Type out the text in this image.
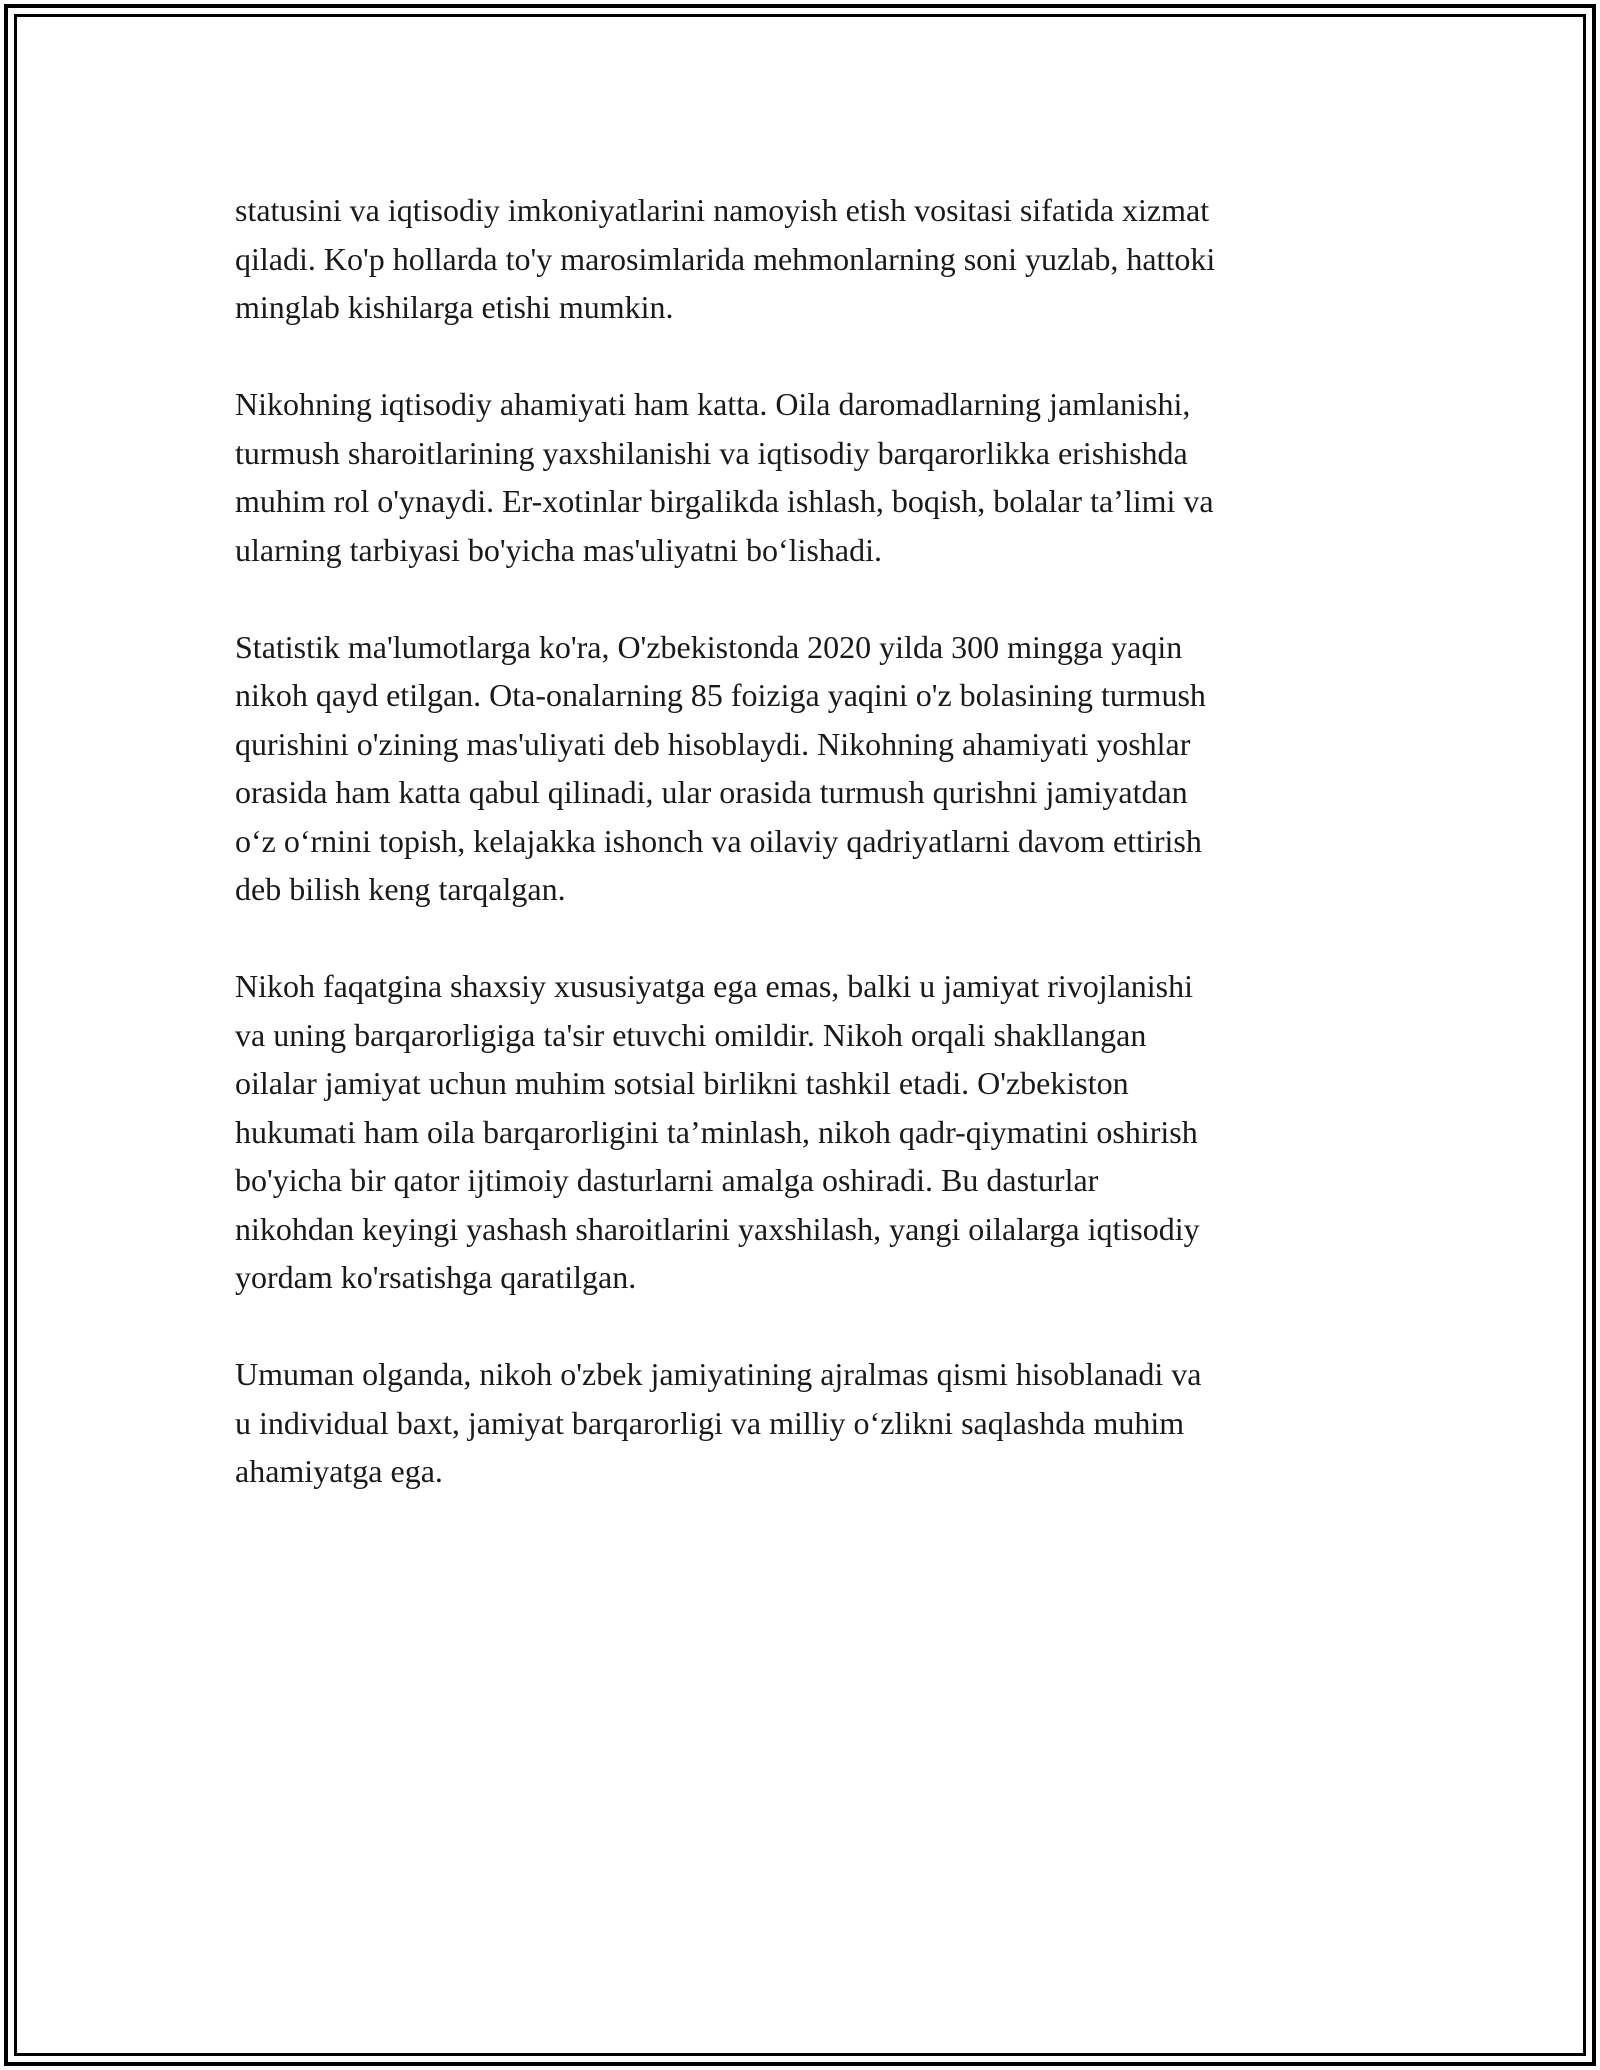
statusini va iqtisodiy imkoniyatlarini namoyish etish vositasi sifatida xizmat
qiladi. Ko'p hollarda to'y marosimlarida mehmonlarning soni yuzlab, hattoki
minglab kishilarga etishi mumkin.

Nikohning iqtisodiy ahamiyati ham katta. Oila daromadlarning jamlanishi,
turmush sharoitlarining yaxshilanishi va iqtisodiy barqarorlikka erishishda
muhim rol o'ynaydi. Er-xotinlar birgalikda ishlash, boqish, bolalar ta’limi va
ularning tarbiyasi bo'yicha mas'uliyatni bo‘lishadi.

Statistik ma'lumotlarga ko'ra, O'zbekistonda 2020 yilda 300 mingga yaqin
nikoh qayd etilgan. Ota-onalarning 85 foiziga yaqini o'z bolasining turmush
qurishini o'zining mas'uliyati deb hisoblaydi. Nikohning ahamiyati yoshlar
orasida ham katta qabul qilinadi, ular orasida turmush qurishni jamiyatdan
o‘z o‘rnini topish, kelajakka ishonch va oilaviy qadriyatlarni davom ettirish
deb bilish keng tarqalgan.

Nikoh faqatgina shaxsiy xususiyatga ega emas, balki u jamiyat rivojlanishi
va uning barqarorligiga ta'sir etuvchi omildir. Nikoh orqali shakllangan
oilalar jamiyat uchun muhim sotsial birlikni tashkil etadi. O'zbekiston
hukumati ham oila barqarorligini ta’minlash, nikoh qadr-qiymatini oshirish
bo'yicha bir qator ijtimoiy dasturlarni amalga oshiradi. Bu dasturlar
nikohdan keyingi yashash sharoitlarini yaxshilash, yangi oilalarga iqtisodiy
yordam ko'rsatishga qaratilgan.

Umuman olganda, nikoh o'zbek jamiyatining ajralmas qismi hisoblanadi va
u individual baxt, jamiyat barqarorligi va milliy o‘zlikni saqlashda muhim
ahamiyatga ega.
